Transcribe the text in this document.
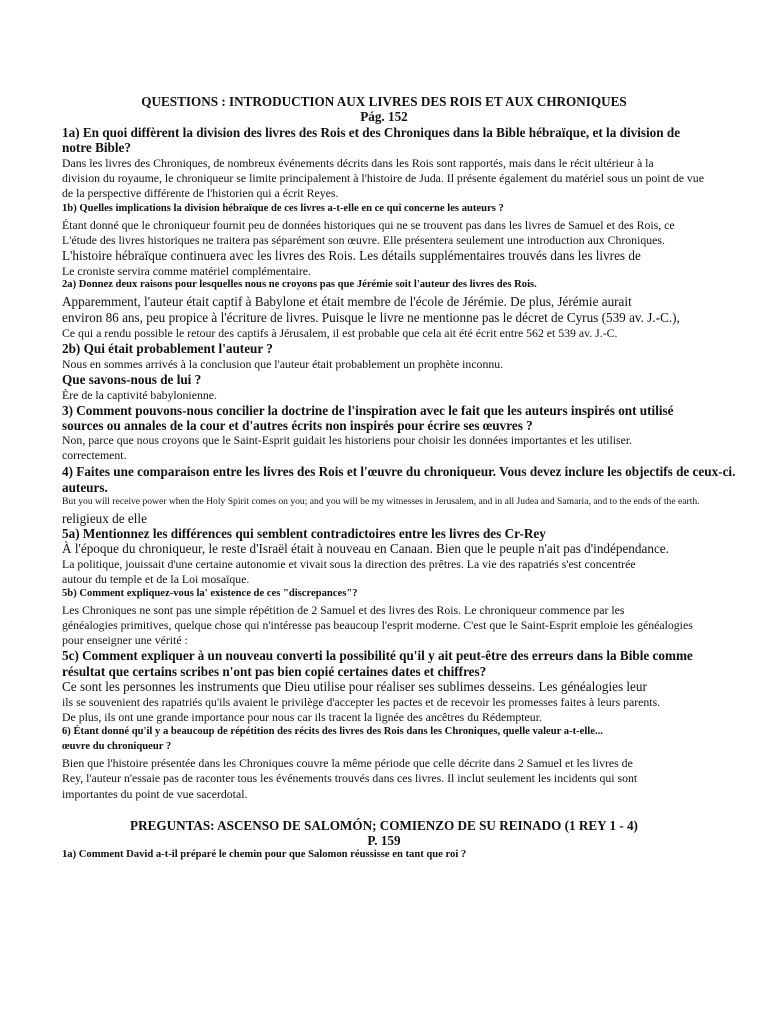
QUESTIONS : INTRODUCTION AUX LIVRES DES ROIS ET AUX CHRONIQUES

Pág. 152

1a) En quoi diffèrent la division des livres des Rois et des Chroniques dans la Bible hébraïque, et la division de

notre Bible?

Dans les livres des Chroniques, de nombreux événements décrits dans les Rois sont rapportés, mais dans le récit ultérieur à la

division du royaume, le chroniqueur se limite principalement à l'histoire de Juda. Il présente également du matériel sous un point de vue

de la perspective différente de l'historien qui a écrit Reyes.

1b) Quelles implications la division hébraïque de ces livres a-t-elle en ce qui concerne les auteurs ?

Étant donné que le chroniqueur fournit peu de données historiques qui ne se trouvent pas dans les livres de Samuel et des Rois, ce

L'étude des livres historiques ne traitera pas séparément son œuvre. Elle présentera seulement une introduction aux Chroniques.

L'histoire hébraïque continuera avec les livres des Rois. Les détails supplémentaires trouvés dans les livres de

Le croniste servira comme matériel complémentaire.

2a) Donnez deux raisons pour lesquelles nous ne croyons pas que Jérémie soit l'auteur des livres des Rois.

Apparemment, l'auteur était captif à Babylone et était membre de l'école de Jérémie. De plus, Jérémie aurait

environ 86 ans, peu propice à l'écriture de livres. Puisque le livre ne mentionne pas le décret de Cyrus (539 av. J.-C.),

Ce qui a rendu possible le retour des captifs à Jérusalem, il est probable que cela ait été écrit entre 562 et 539 av. J.-C.

2b) Qui était probablement l'auteur ?

Nous en sommes arrivés à la conclusion que l'auteur était probablement un prophète inconnu.

Que savons-nous de lui ?

Ère de la captivité babylonienne.

3) Comment pouvons-nous concilier la doctrine de l'inspiration avec le fait que les auteurs inspirés ont utilisé

sources ou annales de la cour et d'autres écrits non inspirés pour écrire ses œuvres ?

Non, parce que nous croyons que le Saint-Esprit guidait les historiens pour choisir les données importantes et les utiliser.

correctement.

4) Faites une comparaison entre les livres des Rois et l'œuvre du chroniqueur. Vous devez inclure les objectifs de ceux-ci.

auteurs.

But you will receive power when the Holy Spirit comes on you; and you will be my witnesses in Jerusalem, and in all Judea and Samaria, and to the ends of the earth.

religieux de elle

5a) Mentionnez les différences qui semblent contradictoires entre les livres des Cr-Rey

À l'époque du chroniqueur, le reste d'Israël était à nouveau en Canaan. Bien que le peuple n'ait pas d'indépendance.

La politique, jouissait d'une certaine autonomie et vivait sous la direction des prêtres. La vie des rapatriés s'est concentrée

autour du temple et de la Loi mosaïque.

5b) Comment expliquez-vous la' existence de ces "discrepances"?

Les Chroniques ne sont pas une simple répétition de 2 Samuel et des livres des Rois. Le chroniqueur commence par les

généalogies primitives, quelque chose qui n'intéresse pas beaucoup l'esprit moderne. C'est que le Saint-Esprit emploie les généalogies

pour enseigner une vérité :

5c) Comment expliquer à un nouveau converti la possibilité qu'il y ait peut-être des erreurs dans la Bible comme

résultat que certains scribes n'ont pas bien copié certaines dates et chiffres?

Ce sont les personnes les instruments que Dieu utilise pour réaliser ses sublimes desseins. Les généalogies leur

ils se souvenient des rapatriés qu'ils avaient le privilège d'accepter les pactes et de recevoir les promesses faites à leurs parents.

De plus, ils ont une grande importance pour nous car ils tracent la lignée des ancêtres du Rédempteur.

6) Étant donné qu'il y a beaucoup de répétition des récits des livres des Rois dans les Chroniques, quelle valeur a-t-elle...

œuvre du chroniqueur ?

Bien que l'histoire présentée dans les Chroniques couvre la même période que celle décrite dans 2 Samuel et les livres de

Rey, l'auteur n'essaie pas de raconter tous les événements trouvés dans ces livres. Il inclut seulement les incidents qui sont

importantes du point de vue sacerdotal.

PREGUNTAS: ASCENSO DE SALOMÓN; COMIENZO DE SU REINADO (1 REY 1 - 4)

P. 159

1a) Comment David a-t-il préparé le chemin pour que Salomon réussisse en tant que roi ?
